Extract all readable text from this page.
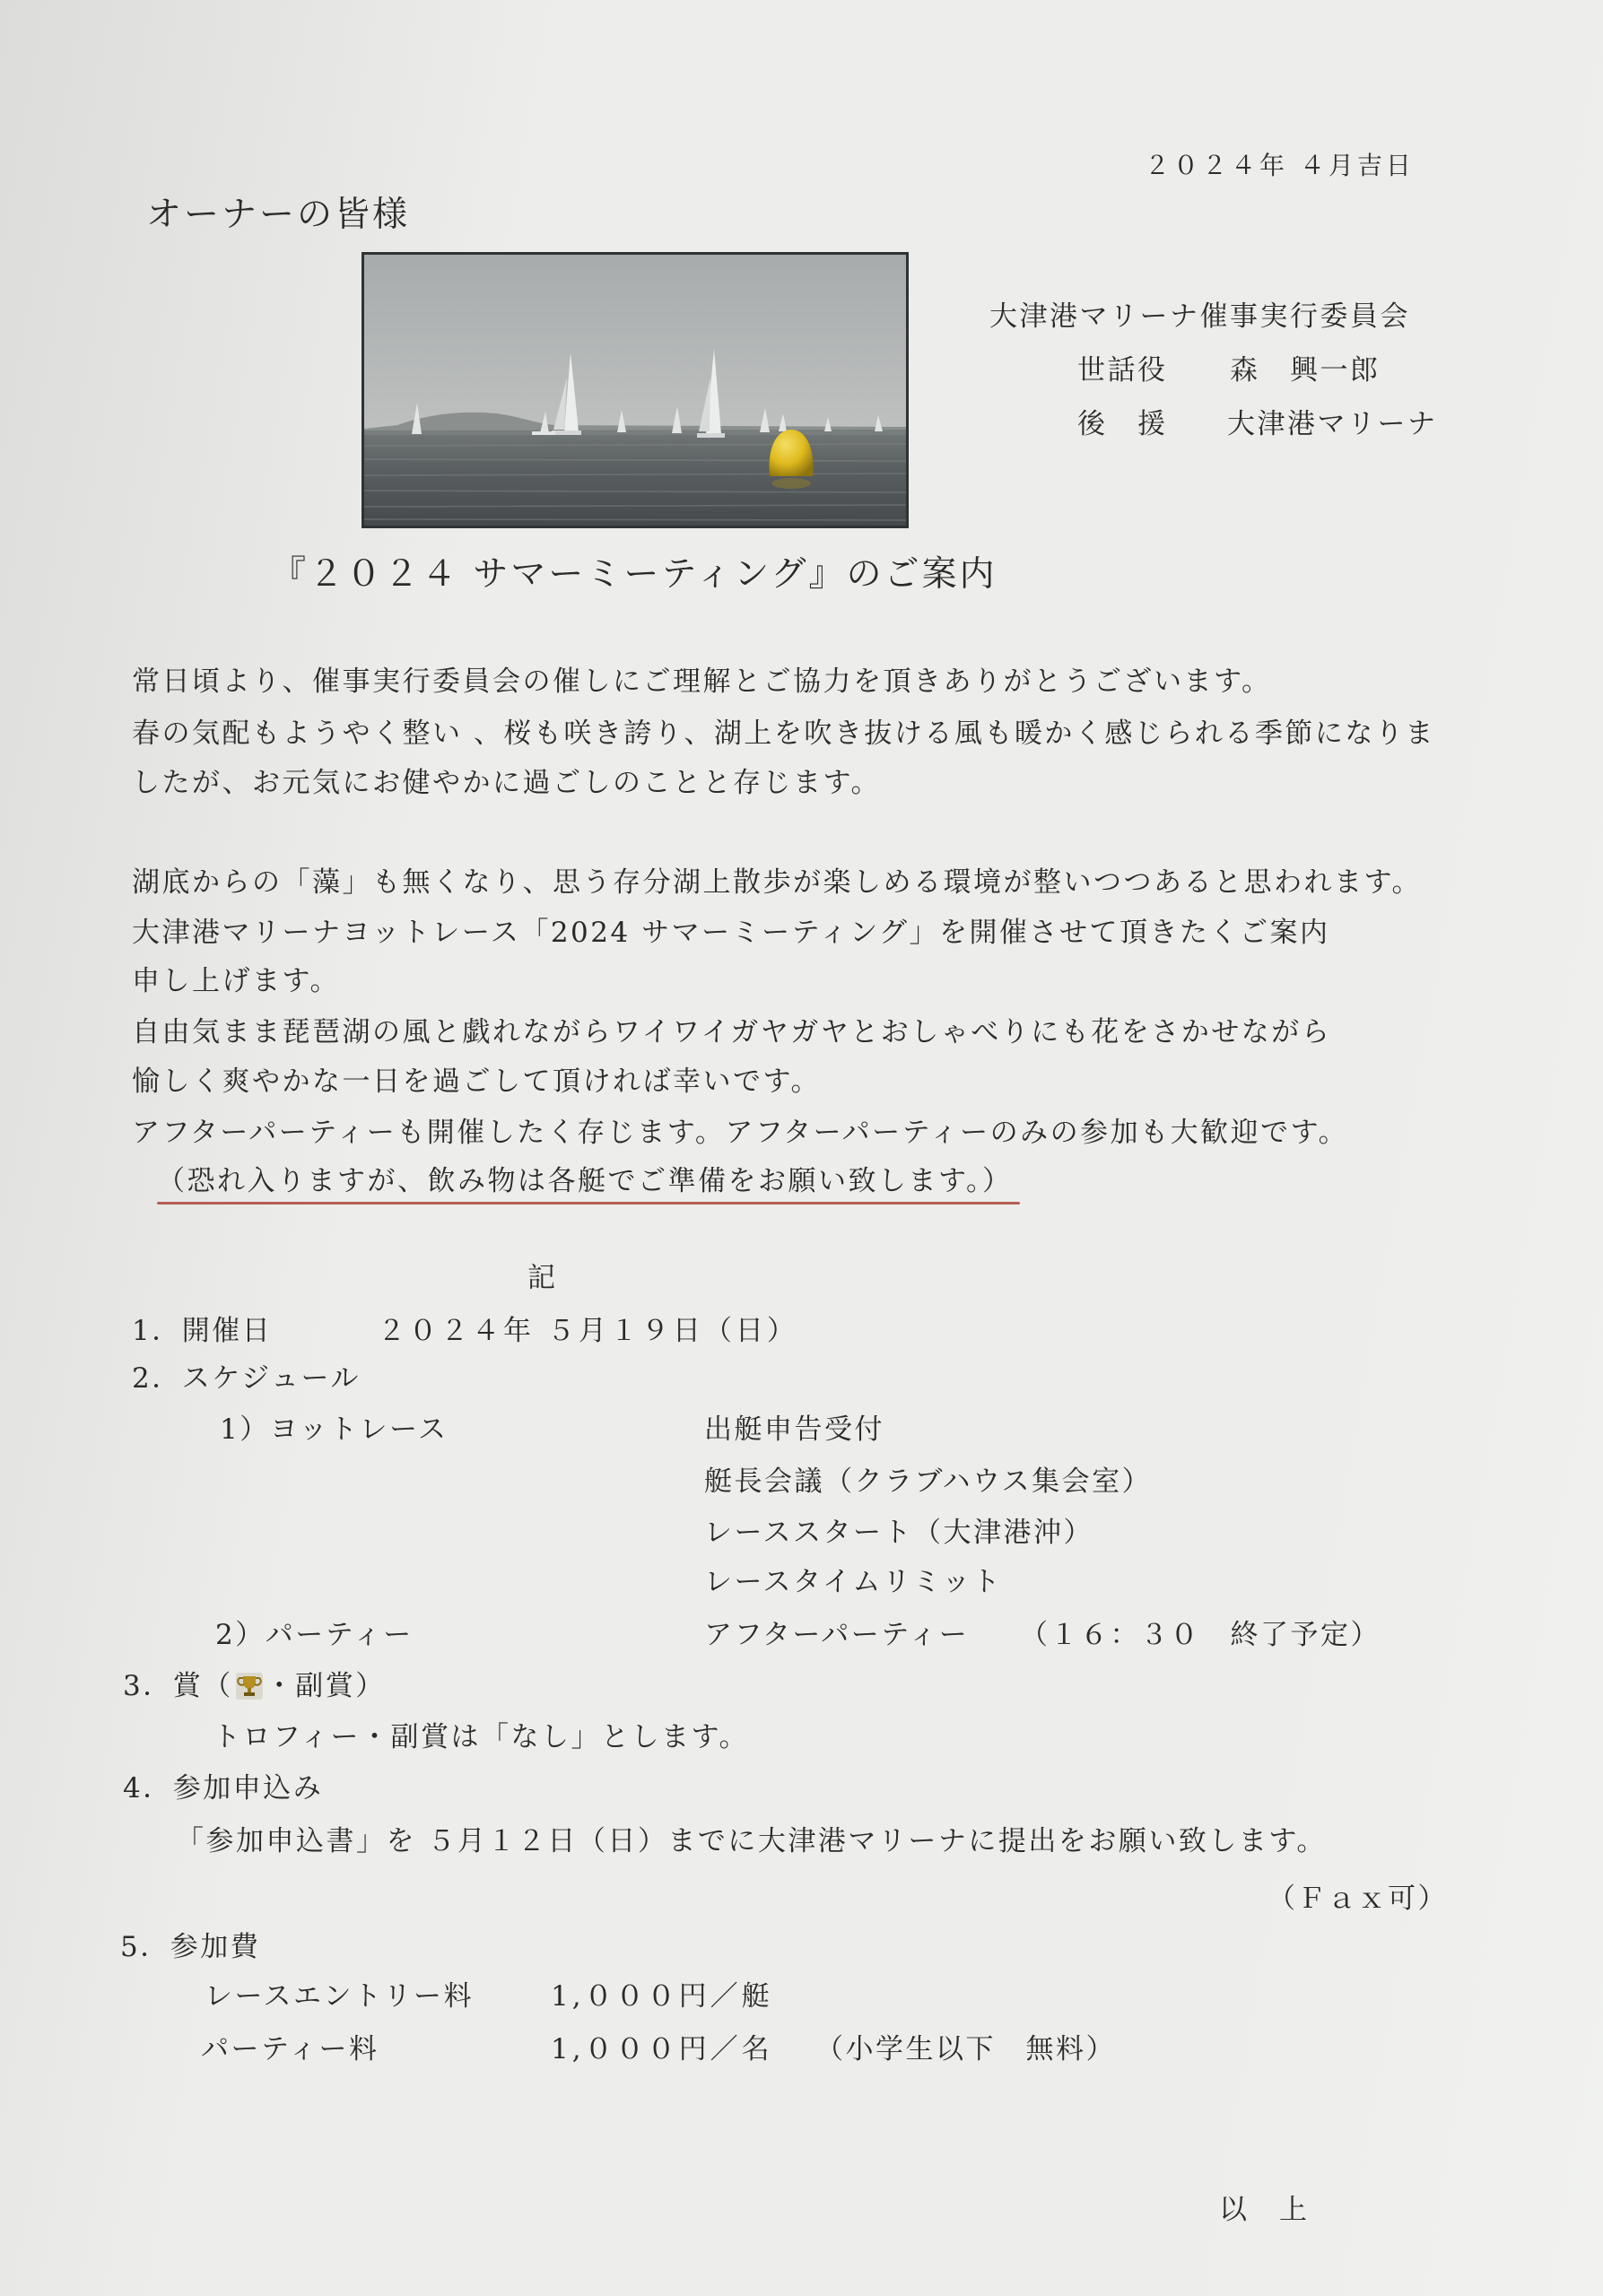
２０２４年 ４月吉日
オーナーの皆様
大津港マリーナ催事実行委員会
世話役 森　興一郎
後　援 大津港マリーナ
『２０２４ サマーミーティング』のご案内
常日頃より、催事実行委員会の催しにご理解とご協力を頂きありがとうございます。
春の気配もようやく整い 、桜も咲き誇り、湖上を吹き抜ける風も暖かく感じられる季節になりま
したが、お元気にお健やかに過ごしのことと存じます。
湖底からの「藻」も無くなり、思う存分湖上散歩が楽しめる環境が整いつつあると思われます。
大津港マリーナヨットレース「2024 サマーミーティング」を開催させて頂きたくご案内
申し上げます。
自由気まま琵琶湖の風と戯れながらワイワイガヤガヤとおしゃべりにも花をさかせながら
愉しく爽やかな一日を過ごして頂ければ幸いです。
アフターパーティーも開催したく存じます。アフターパーティーのみの参加も大歓迎です。
（恐れ入りますが、飲み物は各艇でご準備をお願い致します。）
記
1．開催日	２０２４年 ５月１９日（日）
2．スケジュール
1）ヨットレース	出艇申告受付
艇長会議（クラブハウス集会室）
レーススタート（大津港沖）
レースタイムリミット
2）パーティー	アフターパーティー （１６：３０　終了予定）
3．賞（ ・副賞）
トロフィー・副賞は「なし」とします。
4．参加申込み
「参加申込書」を ５月１２日（日）までに大津港マリーナに提出をお願い致します。
（Ｆａｘ可）
5．参加費
レースエントリー料	1,０００円／艇
パーティー料	1,０００円／名 （小学生以下　無料）
以　上
